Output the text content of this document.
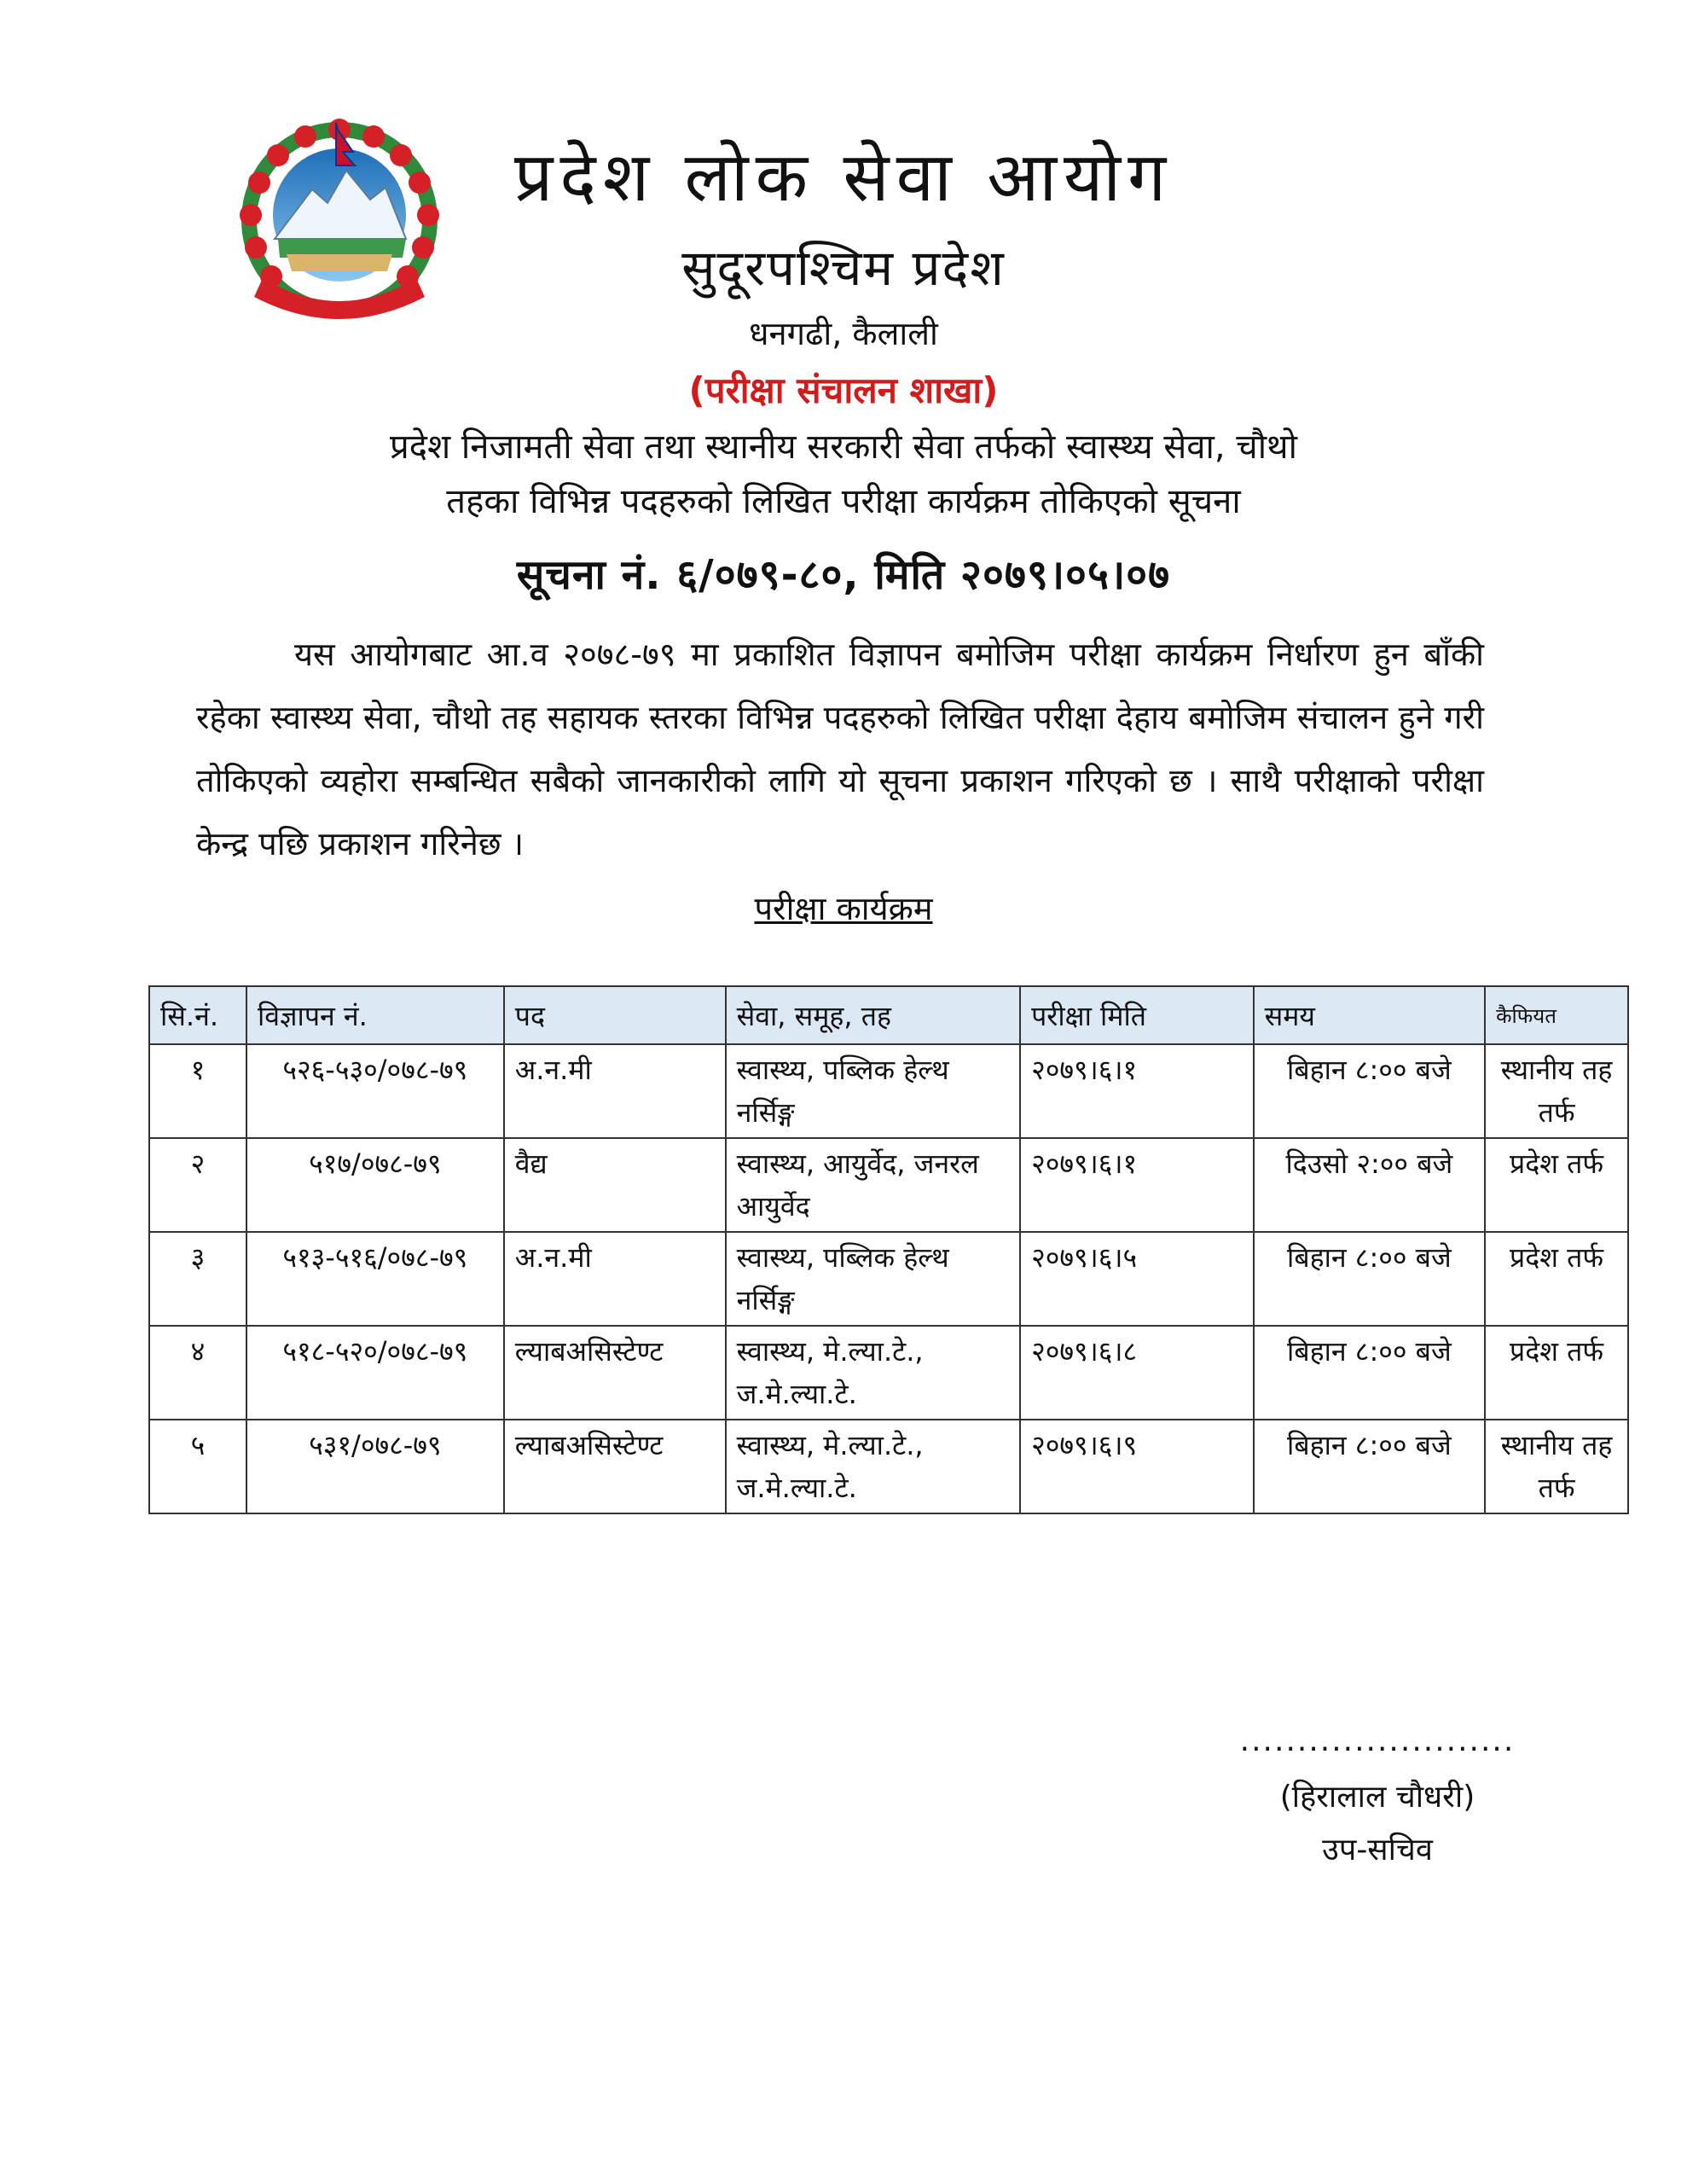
प्रदेश लोक सेवा आयोग
सुदूरपश्चिम प्रदेश
धनगढी, कैलाली
(परीक्षा संचालन शाखा)
प्रदेश निजामती सेवा तथा स्थानीय सरकारी सेवा तर्फको स्वास्थ्य सेवा, चौथो
तहका विभिन्न पदहरुको लिखित परीक्षा कार्यक्रम तोकिएको सूचना
सूचना नं. ६/०७९-८०, मिति २०७९।०५।०७
यस आयोगबाट आ.व २०७८-७९ मा प्रकाशित विज्ञापन बमोजिम परीक्षा कार्यक्रम निर्धारण हुन बाँकी रहेका स्वास्थ्य सेवा, चौथो तह सहायक स्तरका विभिन्न पदहरुको लिखित परीक्षा देहाय बमोजिम संचालन हुने गरी तोकिएको व्यहोरा सम्बन्धित सबैको जानकारीको लागि यो सूचना प्रकाशन गरिएको छ । साथै परीक्षाको परीक्षा केन्द्र पछि प्रकाशन गरिनेछ ।
परीक्षा कार्यक्रम
सि.नं.	विज्ञापन नं.	पद	सेवा, समूह, तह	परीक्षा मिति	समय	कैफियत
१	५२६-५३०/०७८-७९	अ.न.मी	स्वास्थ्य, पब्लिक हेल्थ नर्सिङ्ग	२०७९।६।१	बिहान ८:०० बजे	स्थानीय तह तर्फ
२	५१७/०७८-७९	वैद्य	स्वास्थ्य, आयुर्वेद, जनरल आयुर्वेद	२०७९।६।१	दिउसो २:०० बजे	प्रदेश तर्फ
३	५१३-५१६/०७८-७९	अ.न.मी	स्वास्थ्य, पब्लिक हेल्थ नर्सिङ्ग	२०७९।६।५	बिहान ८:०० बजे	प्रदेश तर्फ
४	५१८-५२०/०७८-७९	ल्याबअसिस्टेण्ट	स्वास्थ्य, मे.ल्या.टे., ज.मे.ल्या.टे.	२०७९।६।८	बिहान ८:०० बजे	प्रदेश तर्फ
५	५३१/०७८-७९	ल्याबअसिस्टेण्ट	स्वास्थ्य, मे.ल्या.टे., ज.मे.ल्या.टे.	२०७९।६।९	बिहान ८:०० बजे	स्थानीय तह तर्फ
........................
(हिरालाल चौधरी)
उप-सचिव
